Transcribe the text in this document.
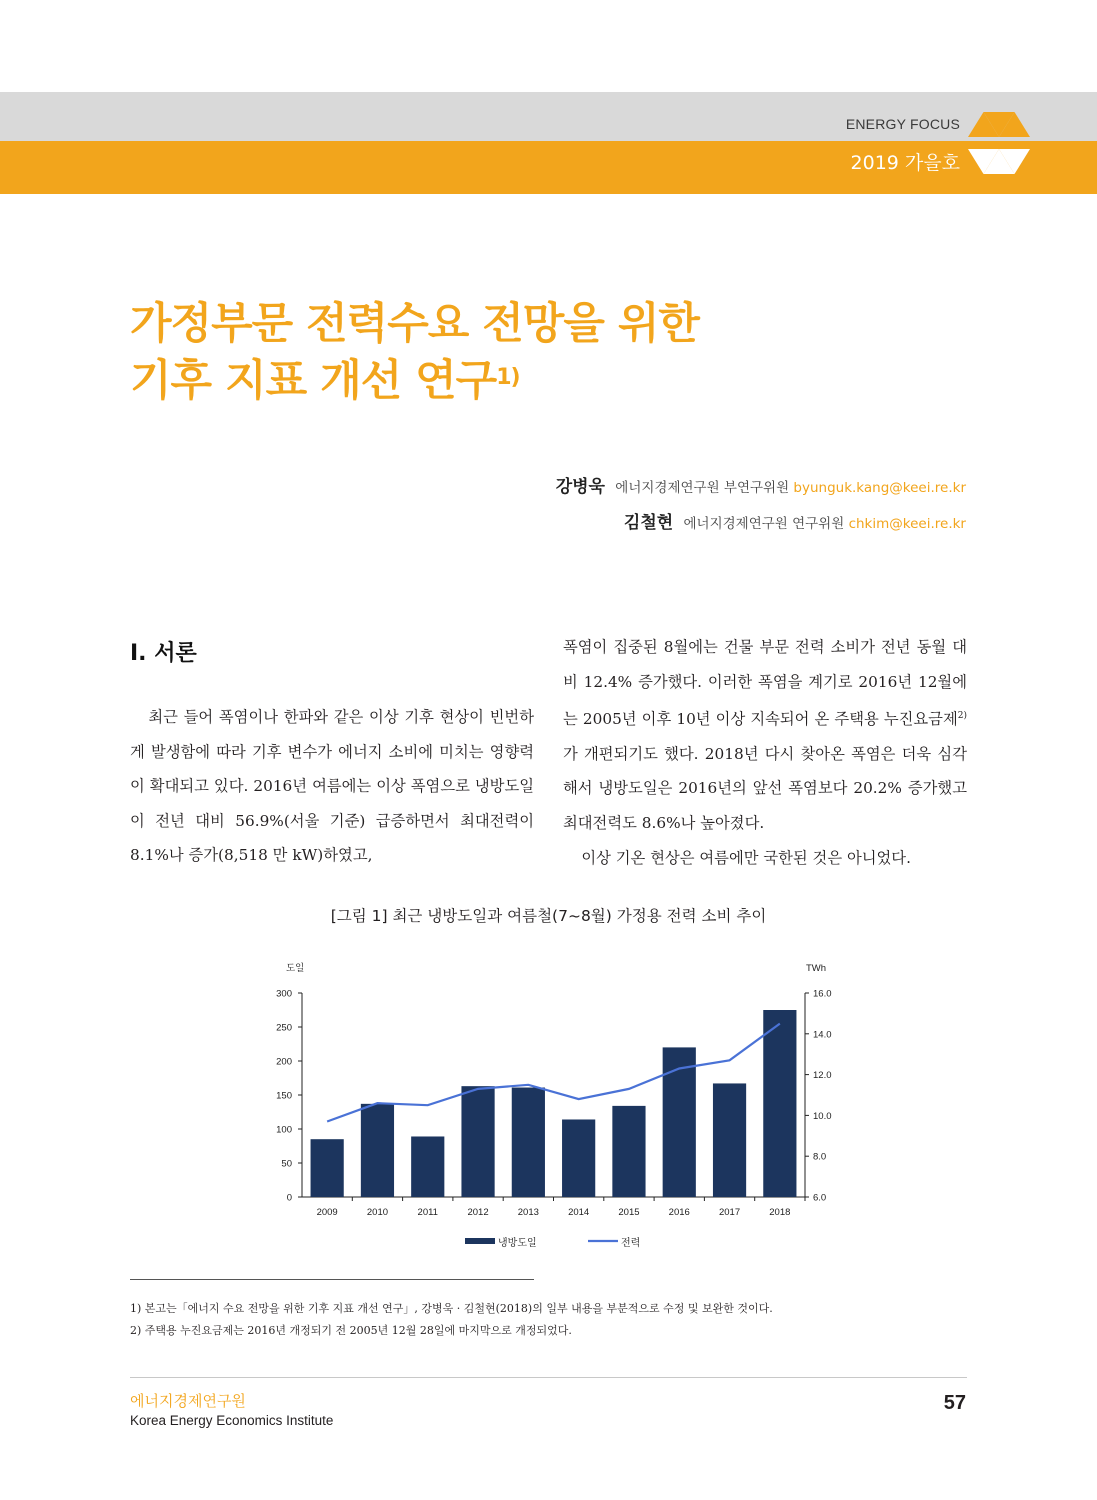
ENERGY FOCUS
2019 가을호
가정부문 전력수요 전망을 위한
기후 지표 개선 연구$^{1)}$
강병욱 에너지경제연구원 부연구위원 byunguk.kang@keei.re.kr
김철현 에너지경제연구원 연구위원 chkim@keei.re.kr
I. 서론

최근 들어 폭염이나 한파와 같은 이상 기후 현상이 빈번하게 발생함에 따라 기후 변수가 에너지 소비에 미치는 영향력이 확대되고 있다. 2016년 여름에는 이상 폭염으로 냉방도일이 전년 대비 56.9%(서울 기준) 급증하면서 최대전력이 8.1%나 증가(8,518 만 kW)하였고,

폭염이 집중된 8월에는 건물 부문 전력 소비가 전년 동월 대비 12.4% 증가했다. 이러한 폭염을 계기로 2016년 12월에는 2005년 이후 10년 이상 지속되어 온 주택용 누진요금제$^{2)}$가 개편되기도 했다. 2018년 다시 찾아온 폭염은 더욱 심각해서 냉방도일은 2016년의 앞선 폭염보다 20.2% 증가했고 최대전력도 8.6%나 높아졌다.

이상 기온 현상은 여름에만 국한된 것은 아니었다.

[그림 1] 최근 냉방도일과 여름철(7~8월) 가정용 전력 소비 추이
0
50
100
150
200
250
300
6.0
8.0
10.0
12.0
14.0
16.0
도일	TWh
2009	2010	2011	2012	2013	2014	2015	2016	2017	2018
냉방도일	전력
1) 본고는「에너지 수요 전망을 위한 기후 지표 개선 연구」, 강병욱 · 김철현(2018)의 일부 내용을 부분적으로 수정 및 보완한 것이다.
2) 주택용 누진요금제는 2016년 개정되기 전 2005년 12월 28일에 마지막으로 개정되었다.
에너지경제연구원
Korea Energy Economics Institute
57
